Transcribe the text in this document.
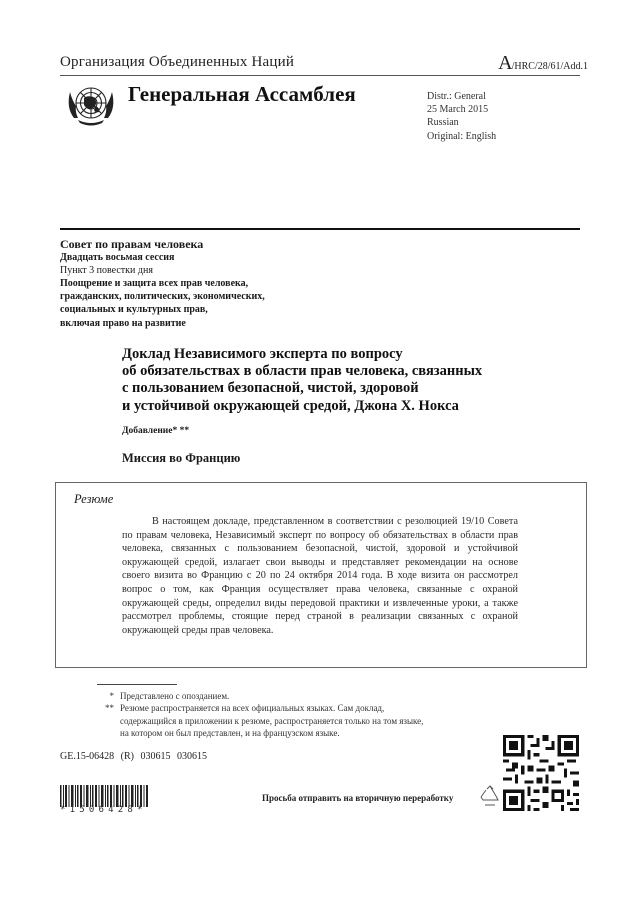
Организация Объединенных Наций	A/HRC/28/61/Add.1
Генеральная Ассамблея	Distr.: General
25 March 2015
Russian
Original: English
Совет по правам человека
Двадцать восьмая сессия
Пункт 3 повестки дня
Поощрение и защита всех прав человека,
гражданских, политических, экономических,
социальных и культурных прав,
включая право на развитие
Доклад Независимого эксперта по вопросу
об обязательствах в области прав человека, связанных
с пользованием безопасной, чистой, здоровой
и устойчивой окружающей средой, Джона Х. Нокса
Добавление* **
Миссия во Францию
Резюме
В настоящем докладе, представленном в соответствии с резолюцией 19/10 Совета по правам человека, Независимый эксперт по вопросу об обязательствах в области прав человека, связанных с пользованием безопасной, чистой, здоровой и устойчивой окружающей средой, излагает свои выводы и представляет рекомендации на основе своего визита во Францию с 20 по 24 октября 2014 года. В ходе визита он рассмотрел вопрос о том, как Франция осуществляет права человека, связанные с охраной окружающей среды, определил виды передовой практики и извлеченные уроки, а также рассмотрел проблемы, стоящие перед страной в реализации связанных с охраной окружающей среды прав человека.
* Представлено с опозданием.
** Резюме распространяется на всех официальных языках. Сам доклад, содержащийся в приложении к резюме, распространяется только на том языке, на котором он был представлен, и на французском языке.
GE.15-06428 (R) 030615 030615
*1506428*
Просьба отправить на вторичную переработку
